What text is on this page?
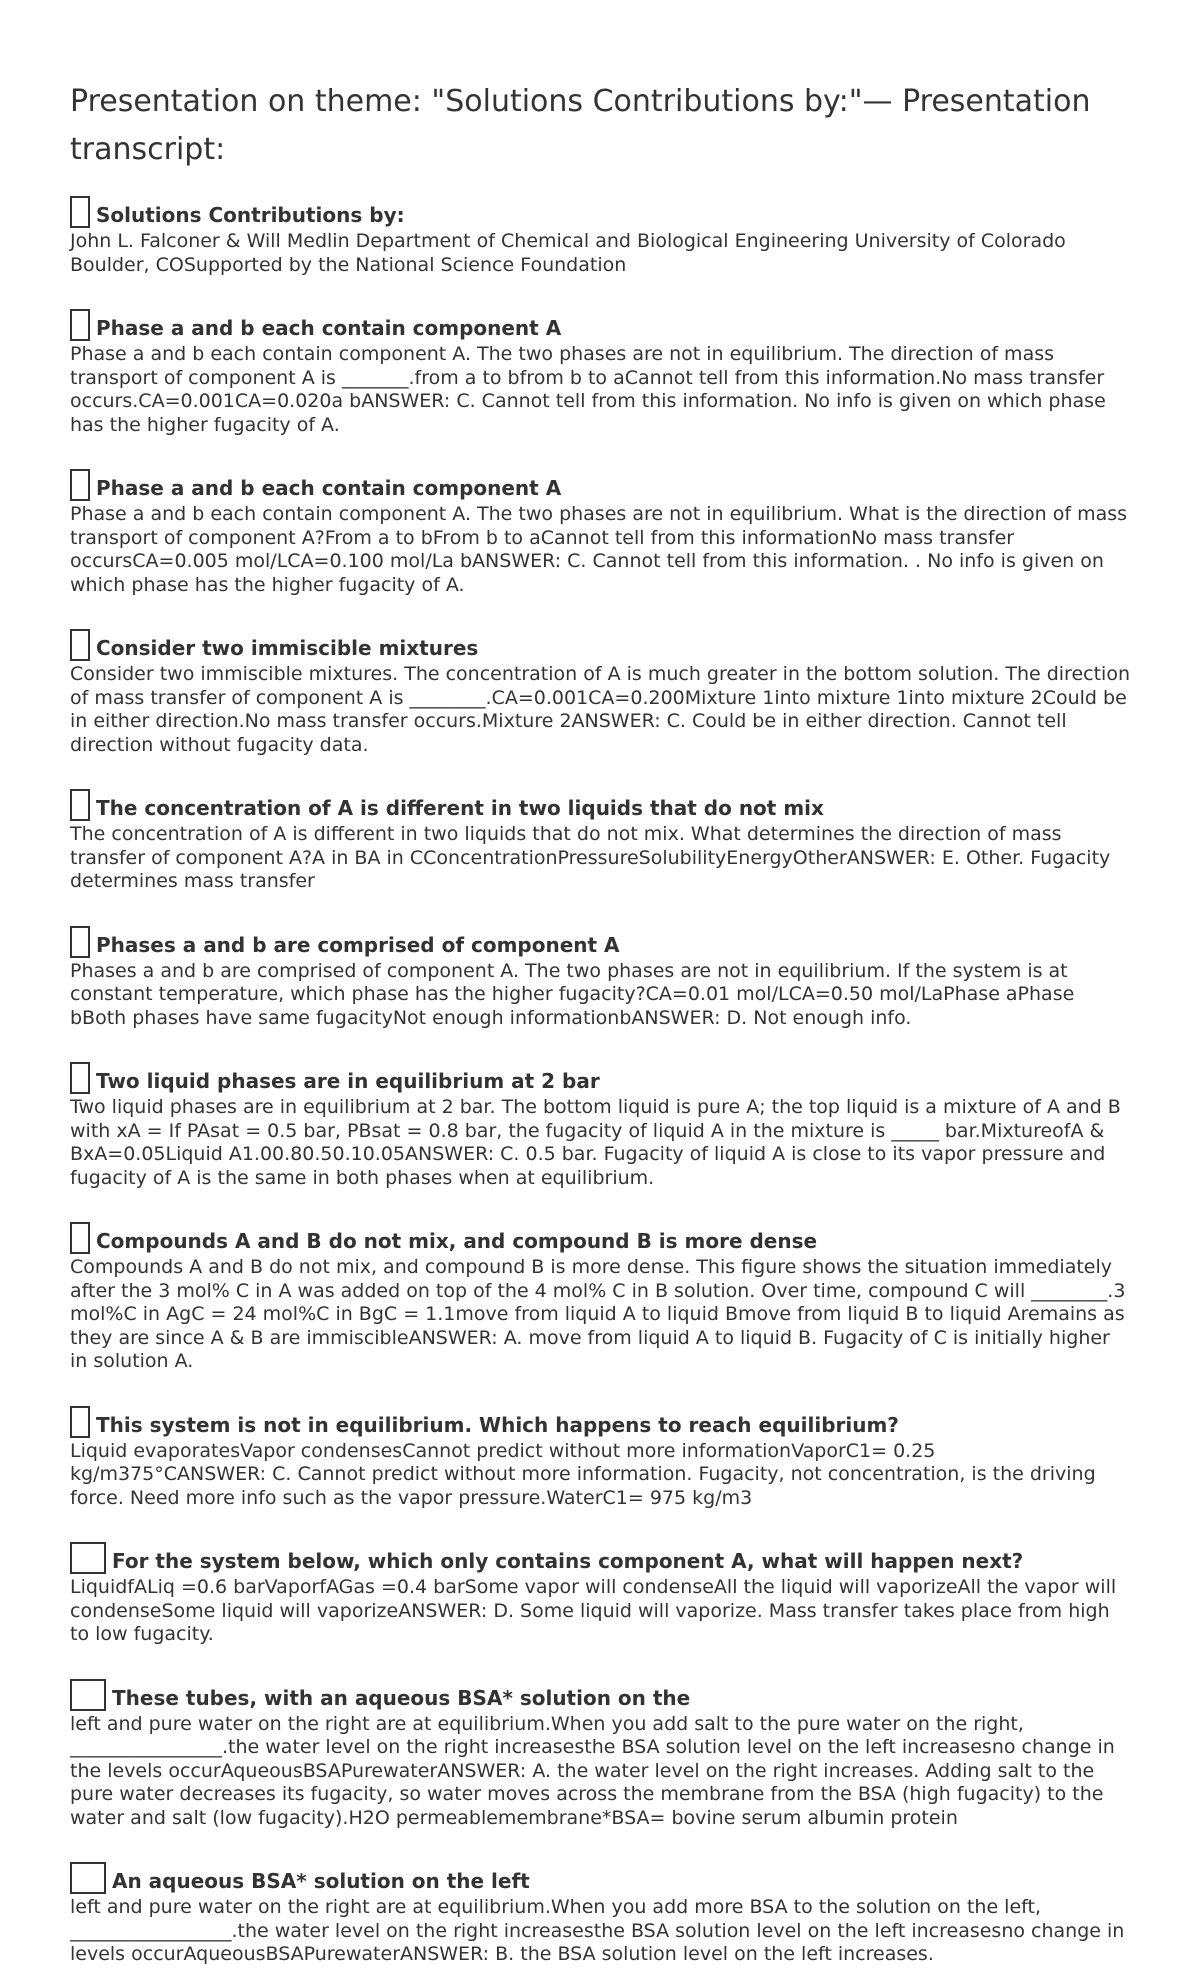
Presentation on theme: "Solutions Contributions by:"— Presentation transcript:
Solutions Contributions by:
John L. Falconer & Will Medlin Department of Chemical and Biological Engineering University of Colorado Boulder, COSupported by the National Science Foundation
Phase a and b each contain component A
Phase a and b each contain component A. The two phases are not in equilibrium. The direction of mass transport of component A is _______.from a to bfrom b to aCannot tell from this information.No mass transfer occurs.CA=0.001CA=0.020a bANSWER: C. Cannot tell from this information. No info is given on which phase has the higher fugacity of A.
Phase a and b each contain component A
Phase a and b each contain component A. The two phases are not in equilibrium. What is the direction of mass transport of component A?From a to bFrom b to aCannot tell from this informationNo mass transfer occursCA=0.005 mol/LCA=0.100 mol/La bANSWER: C. Cannot tell from this information. . No info is given on which phase has the higher fugacity of A.
Consider two immiscible mixtures
Consider two immiscible mixtures. The concentration of A is much greater in the bottom solution. The direction of mass transfer of component A is ________.CA=0.001CA=0.200Mixture 1into mixture 1into mixture 2Could be in either direction.No mass transfer occurs.Mixture 2ANSWER: C. Could be in either direction. Cannot tell direction without fugacity data.
The concentration of A is different in two liquids that do not mix
The concentration of A is different in two liquids that do not mix. What determines the direction of mass transfer of component A?A in BA in CConcentrationPressureSolubilityEnergyOtherANSWER: E. Other. Fugacity determines mass transfer
Phases a and b are comprised of component A
Phases a and b are comprised of component A. The two phases are not in equilibrium. If the system is at constant temperature, which phase has the higher fugacity?CA=0.01 mol/LCA=0.50 mol/LaPhase aPhase bBoth phases have same fugacityNot enough informationbANSWER: D. Not enough info.
Two liquid phases are in equilibrium at 2 bar
Two liquid phases are in equilibrium at 2 bar. The bottom liquid is pure A; the top liquid is a mixture of A and B with xA = If PAsat = 0.5 bar, PBsat = 0.8 bar, the fugacity of liquid A in the mixture is _____ bar.MixtureofA & BxA=0.05Liquid A1.00.80.50.10.05ANSWER: C. 0.5 bar. Fugacity of liquid A is close to its vapor pressure and fugacity of A is the same in both phases when at equilibrium.
Compounds A and B do not mix, and compound B is more dense
Compounds A and B do not mix, and compound B is more dense. This figure shows the situation immediately after the 3 mol% C in A was added on top of the 4 mol% C in B solution. Over time, compound C will ________.3 mol%C in AgC = 24 mol%C in BgC = 1.1move from liquid A to liquid Bmove from liquid B to liquid Aremains as they are since A & B are immiscibleANSWER: A. move from liquid A to liquid B. Fugacity of C is initially higher in solution A.
This system is not in equilibrium. Which happens to reach equilibrium?
Liquid evaporatesVapor condensesCannot predict without more informationVaporC1= 0.25 kg/m375°CANSWER: C. Cannot predict without more information. Fugacity, not concentration, is the driving force. Need more info such as the vapor pressure.WaterC1= 975 kg/m3
For the system below, which only contains component A, what will happen next?
LiquidfALiq =0.6 barVaporfAGas =0.4 barSome vapor will condenseAll the liquid will vaporizeAll the vapor will condenseSome liquid will vaporizeANSWER: D. Some liquid will vaporize. Mass transfer takes place from high to low fugacity.
These tubes, with an aqueous BSA* solution on the
left and pure water on the right are at equilibrium.When you add salt to the pure water on the right, ________________.the water level on the right increasesthe BSA solution level on the left increasesno change in the levels occurAqueousBSAPurewaterANSWER: A. the water level on the right increases. Adding salt to the pure water decreases its fugacity, so water moves across the membrane from the BSA (high fugacity) to the water and salt (low fugacity).H2O permeablemembrane*BSA= bovine serum albumin protein
An aqueous BSA* solution on the left
left and pure water on the right are at equilibrium.When you add more BSA to the solution on the left, _________________.the water level on the right increasesthe BSA solution level on the left increasesno change in levels occurAqueousBSAPurewaterANSWER: B. the BSA solution level on the left increases.
